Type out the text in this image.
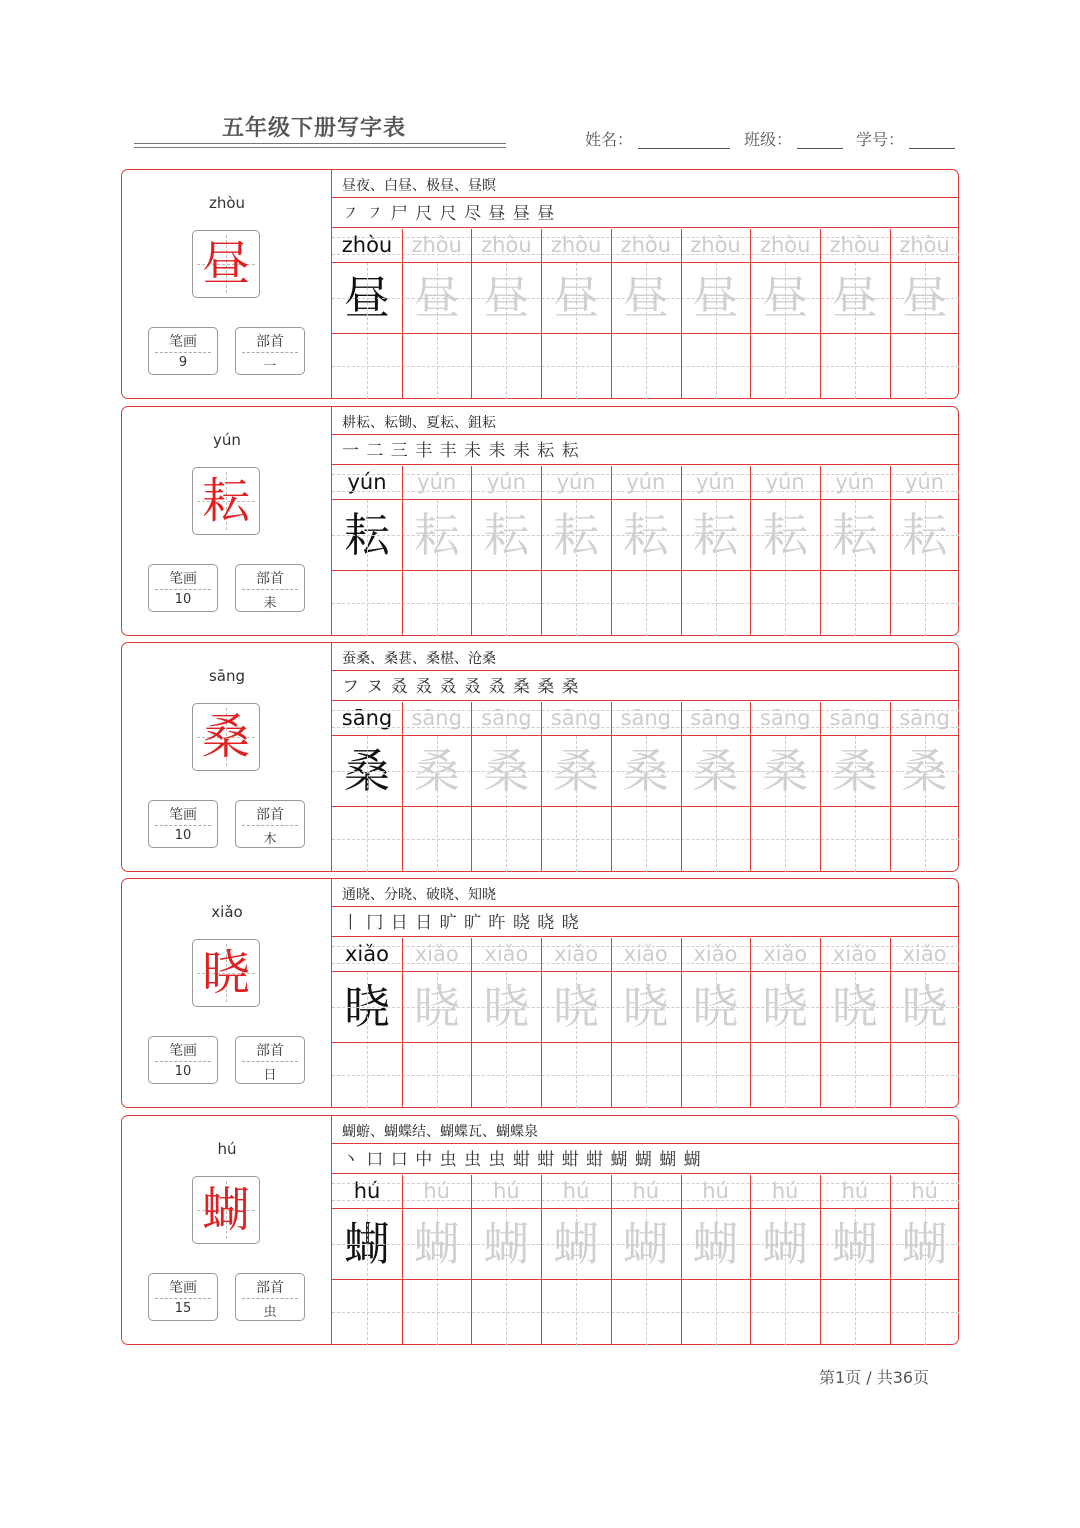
五年级下册写字表	姓名：	班级：	学号：
zhòu
昼
笔画
9
部首
一
昼夜、白昼、极昼、昼瞑
㇇ ㇇ 尸 尺 尺 尽 昼 昼 昼
zhòu zhòu zhòu zhòu zhòu zhòu zhòu zhòu zhòu
昼 昼 昼 昼 昼 昼 昼 昼 昼
yún
耘
笔画
10
部首
耒
耕耘、耘锄、夏耘、鉏耘
一 二 三 丰 丰 未 耒 耒 耘 耘
yún	yún	yún	yún	yún	yún	yún	yún	yún
耘 耘 耘 耘 耘 耘 耘 耘 耘
sāng
桑
笔画
10
部首
木
蚕桑、桑葚、桑椹、沧桑
フ ヌ 叒 叒 叒 叒 叒 桑 桑 桑
sāng sāng sāng sāng sāng sāng sāng sāng sāng
桑 桑 桑 桑 桑 桑 桑 桑 桑
xiǎo
晓
笔画
10
部首
日
通晓、分晓、破晓、知晓
丨 冂 日 日 旷 旷 旿 晓 晓 晓
xiǎo	xiǎo	xiǎo	xiǎo	xiǎo	xiǎo	xiǎo	xiǎo	xiǎo
晓 晓 晓 晓 晓 晓 晓 晓 晓
hú
蝴
笔画
15
部首
虫
蝴蝣、蝴蝶结、蝴蝶瓦、蝴蝶泉
丶 口 口 中 虫 虫 虫 蚶 蚶 蚶 蚶 蝴 蝴 蝴 蝴
hú	hú	hú	hú	hú	hú	hú	hú	hú
蝴 蝴 蝴 蝴 蝴 蝴 蝴 蝴 蝴
第1页 / 共36页
